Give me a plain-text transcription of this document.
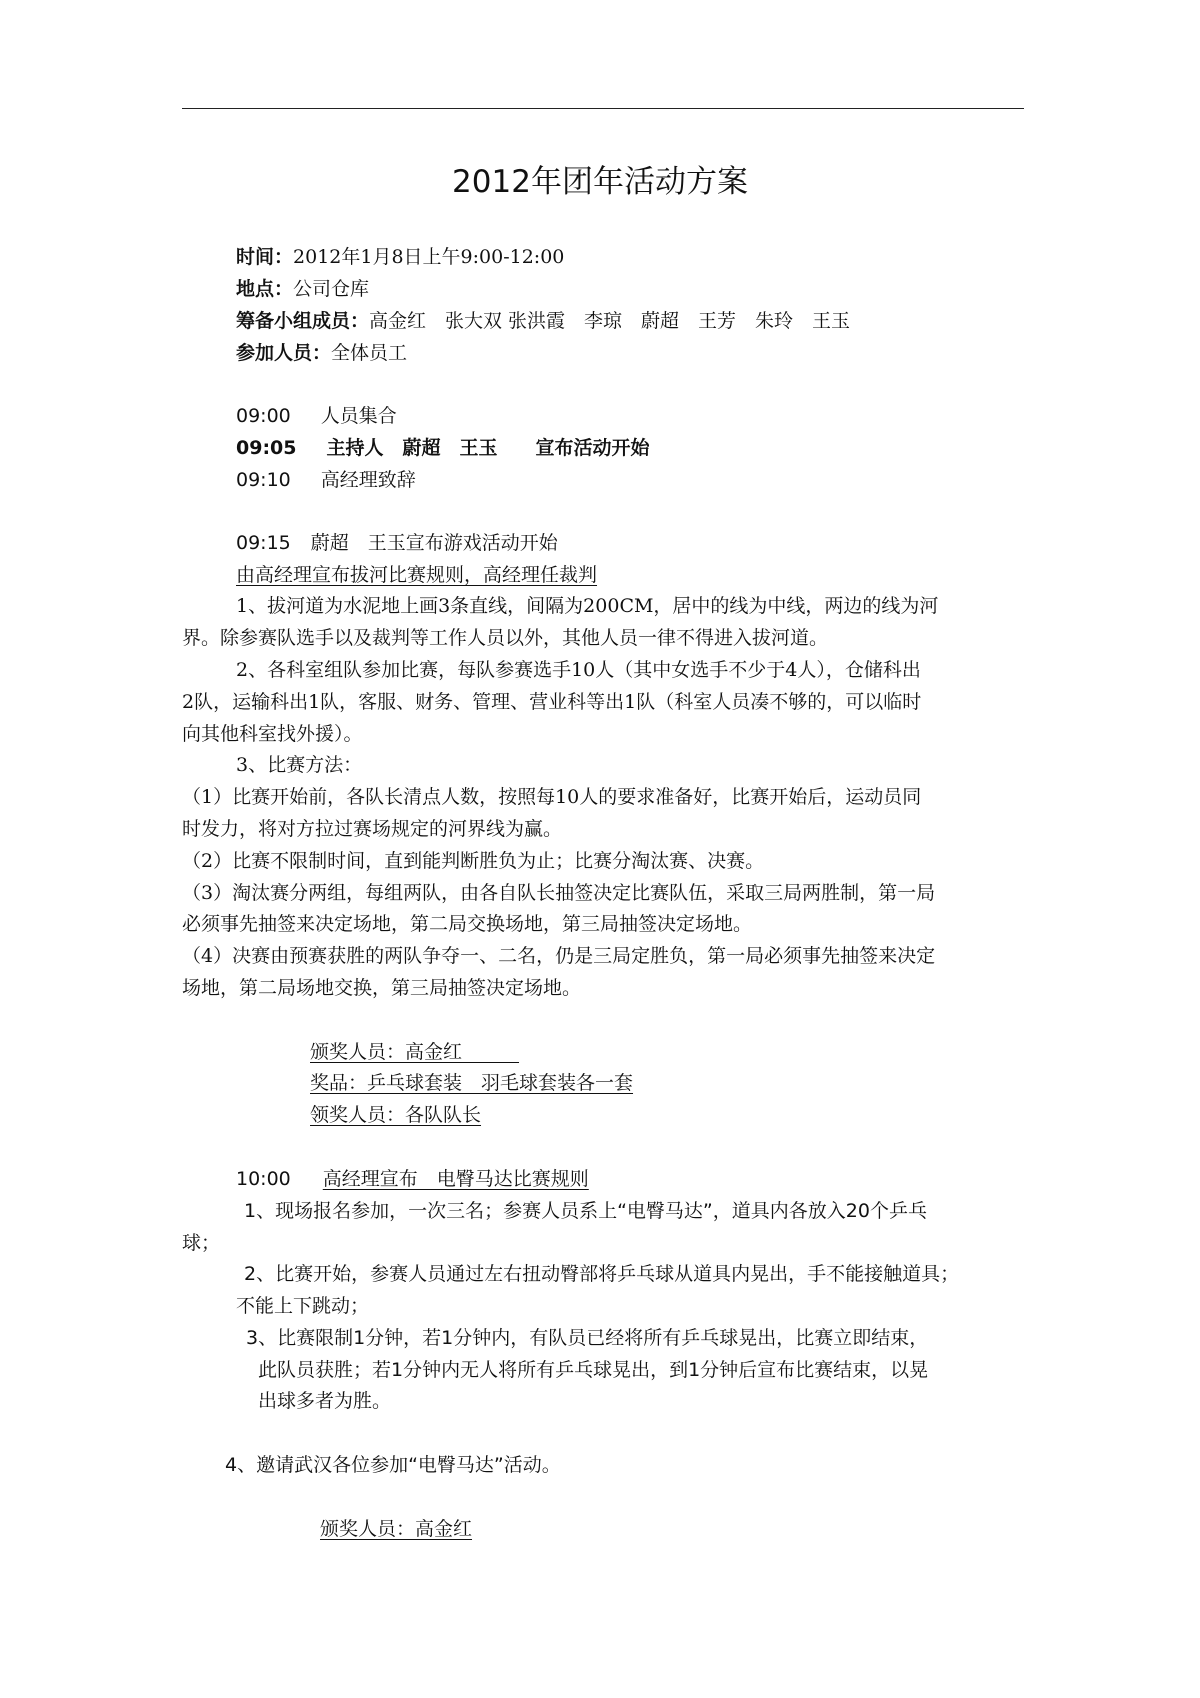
2012年团年活动方案
时间：2012年1月8日上午9:00-12:00
地点：公司仓库
筹备小组成员：高金红　张大双 张洪霞　李琼　蔚超　王芳　朱玲　王玉
参加人员：全体员工
09:00 人员集合
09:05 主持人　蔚超　王玉　　宣布活动开始
09:10 高经理致辞
09:15 蔚超　王玉宣布游戏活动开始
由高经理宣布拔河比赛规则，高经理任裁判
1、拔河道为水泥地上画3条直线，间隔为200CM，居中的线为中线，两边的线为河
界。除参赛队选手以及裁判等工作人员以外，其他人员一律不得进入拔河道。
2、各科室组队参加比赛，每队参赛选手10人（其中女选手不少于4人），仓储科出
2队，运输科出1队，客服、财务、管理、营业科等出1队（科室人员凑不够的，可以临时
向其他科室找外援）。
3、比赛方法：
（1）比赛开始前，各队长清点人数，按照每10人的要求准备好，比赛开始后，运动员同
时发力，将对方拉过赛场规定的河界线为赢。
（2）比赛不限制时间，直到能判断胜负为止；比赛分淘汰赛、决赛。
（3）淘汰赛分两组，每组两队，由各自队长抽签决定比赛队伍，采取三局两胜制，第一局
必须事先抽签来决定场地，第二局交换场地，第三局抽签决定场地。
（4）决赛由预赛获胜的两队争夺一、二名，仍是三局定胜负，第一局必须事先抽签来决定
场地，第二局场地交换，第三局抽签决定场地。
颁奖人员：高金红　　　
奖品：乒乓球套装　羽毛球套装各一套
领奖人员：各队队长
10:00 高经理宣布　电臀马达比赛规则
1、现场报名参加，一次三名；参赛人员系上“电臀马达”，道具内各放入20个乒乓
球；
2、比赛开始，参赛人员通过左右扭动臀部将乒乓球从道具内晃出，手不能接触道具；
不能上下跳动；
3、比赛限制1分钟，若1分钟内，有队员已经将所有乒乓球晃出，比赛立即结束，
此队员获胜；若1分钟内无人将所有乒乓球晃出，到1分钟后宣布比赛结束，以晃
出球多者为胜。
4、邀请武汉各位参加“电臀马达”活动。
颁奖人员：高金红
